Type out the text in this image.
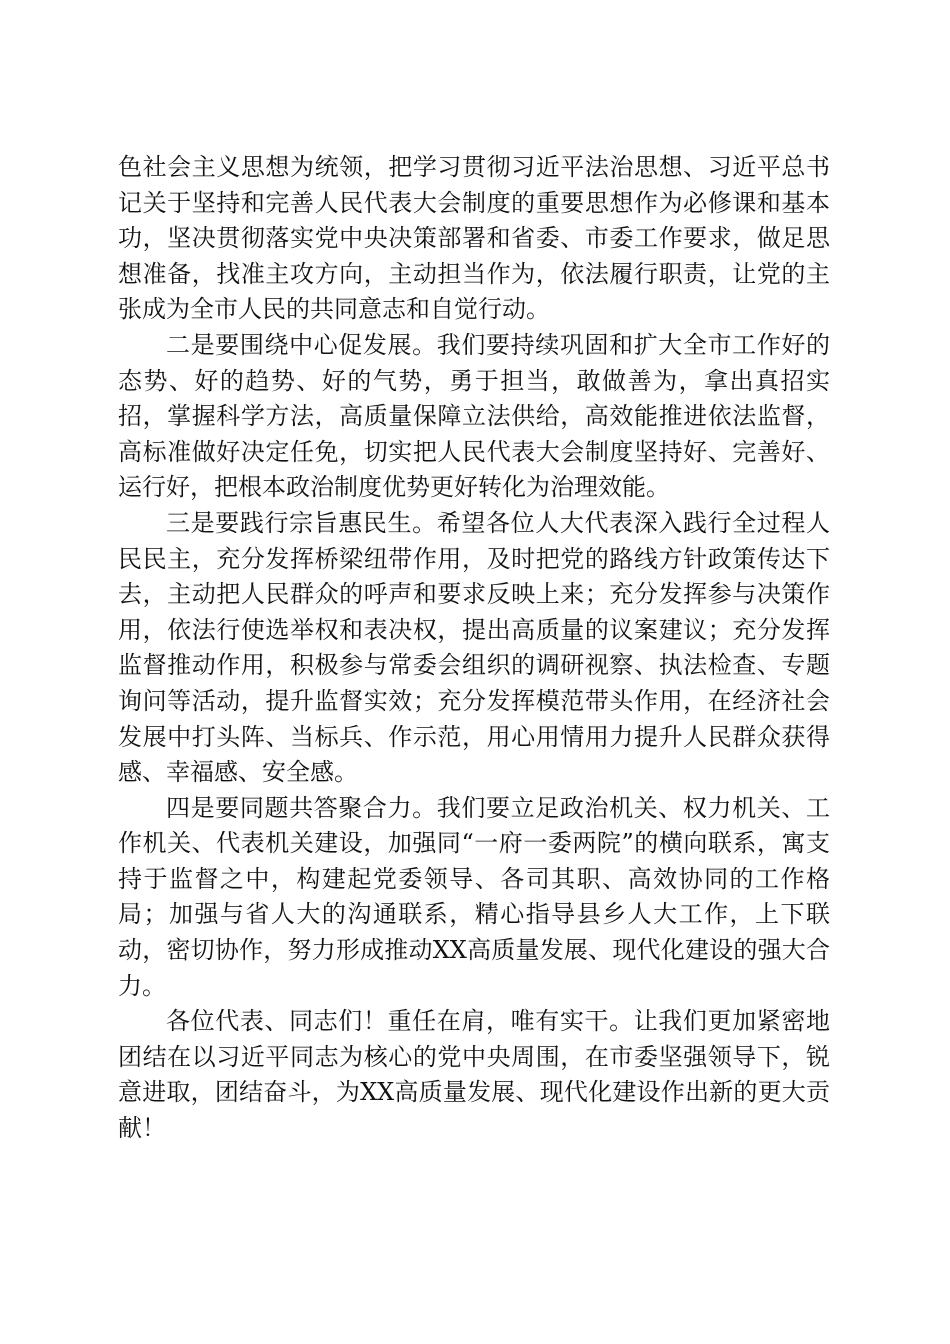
色社会主义思想为统领，把学习贯彻习近平法治思想、习近平总书记关于坚持和完善人民代表大会制度的重要思想作为必修课和基本功，坚决贯彻落实党中央决策部署和省委、市委工作要求，做足思想准备，找准主攻方向，主动担当作为，依法履行职责，让党的主张成为全市人民的共同意志和自觉行动。

二是要围绕中心促发展。我们要持续巩固和扩大全市工作好的态势、好的趋势、好的气势，勇于担当，敢做善为，拿出真招实招，掌握科学方法，高质量保障立法供给，高效能推进依法监督，高标准做好决定任免，切实把人民代表大会制度坚持好、完善好、运行好，把根本政治制度优势更好转化为治理效能。

三是要践行宗旨惠民生。希望各位人大代表深入践行全过程人民民主，充分发挥桥梁纽带作用，及时把党的路线方针政策传达下去，主动把人民群众的呼声和要求反映上来；充分发挥参与决策作用，依法行使选举权和表决权，提出高质量的议案建议；充分发挥监督推动作用，积极参与常委会组织的调研视察、执法检查、专题询问等活动，提升监督实效；充分发挥模范带头作用，在经济社会发展中打头阵、当标兵、作示范，用心用情用力提升人民群众获得感、幸福感、安全感。

四是要同题共答聚合力。我们要立足政治机关、权力机关、工作机关、代表机关建设，加强同“一府一委两院”的横向联系，寓支持于监督之中，构建起党委领导、各司其职、高效协同的工作格局；加强与省人大的沟通联系，精心指导县乡人大工作，上下联动，密切协作，努力形成推动XX高质量发展、现代化建设的强大合力。

各位代表、同志们！重任在肩，唯有实干。让我们更加紧密地团结在以习近平同志为核心的党中央周围，在市委坚强领导下，锐意进取，团结奋斗，为XX高质量发展、现代化建设作出新的更大贡献！
